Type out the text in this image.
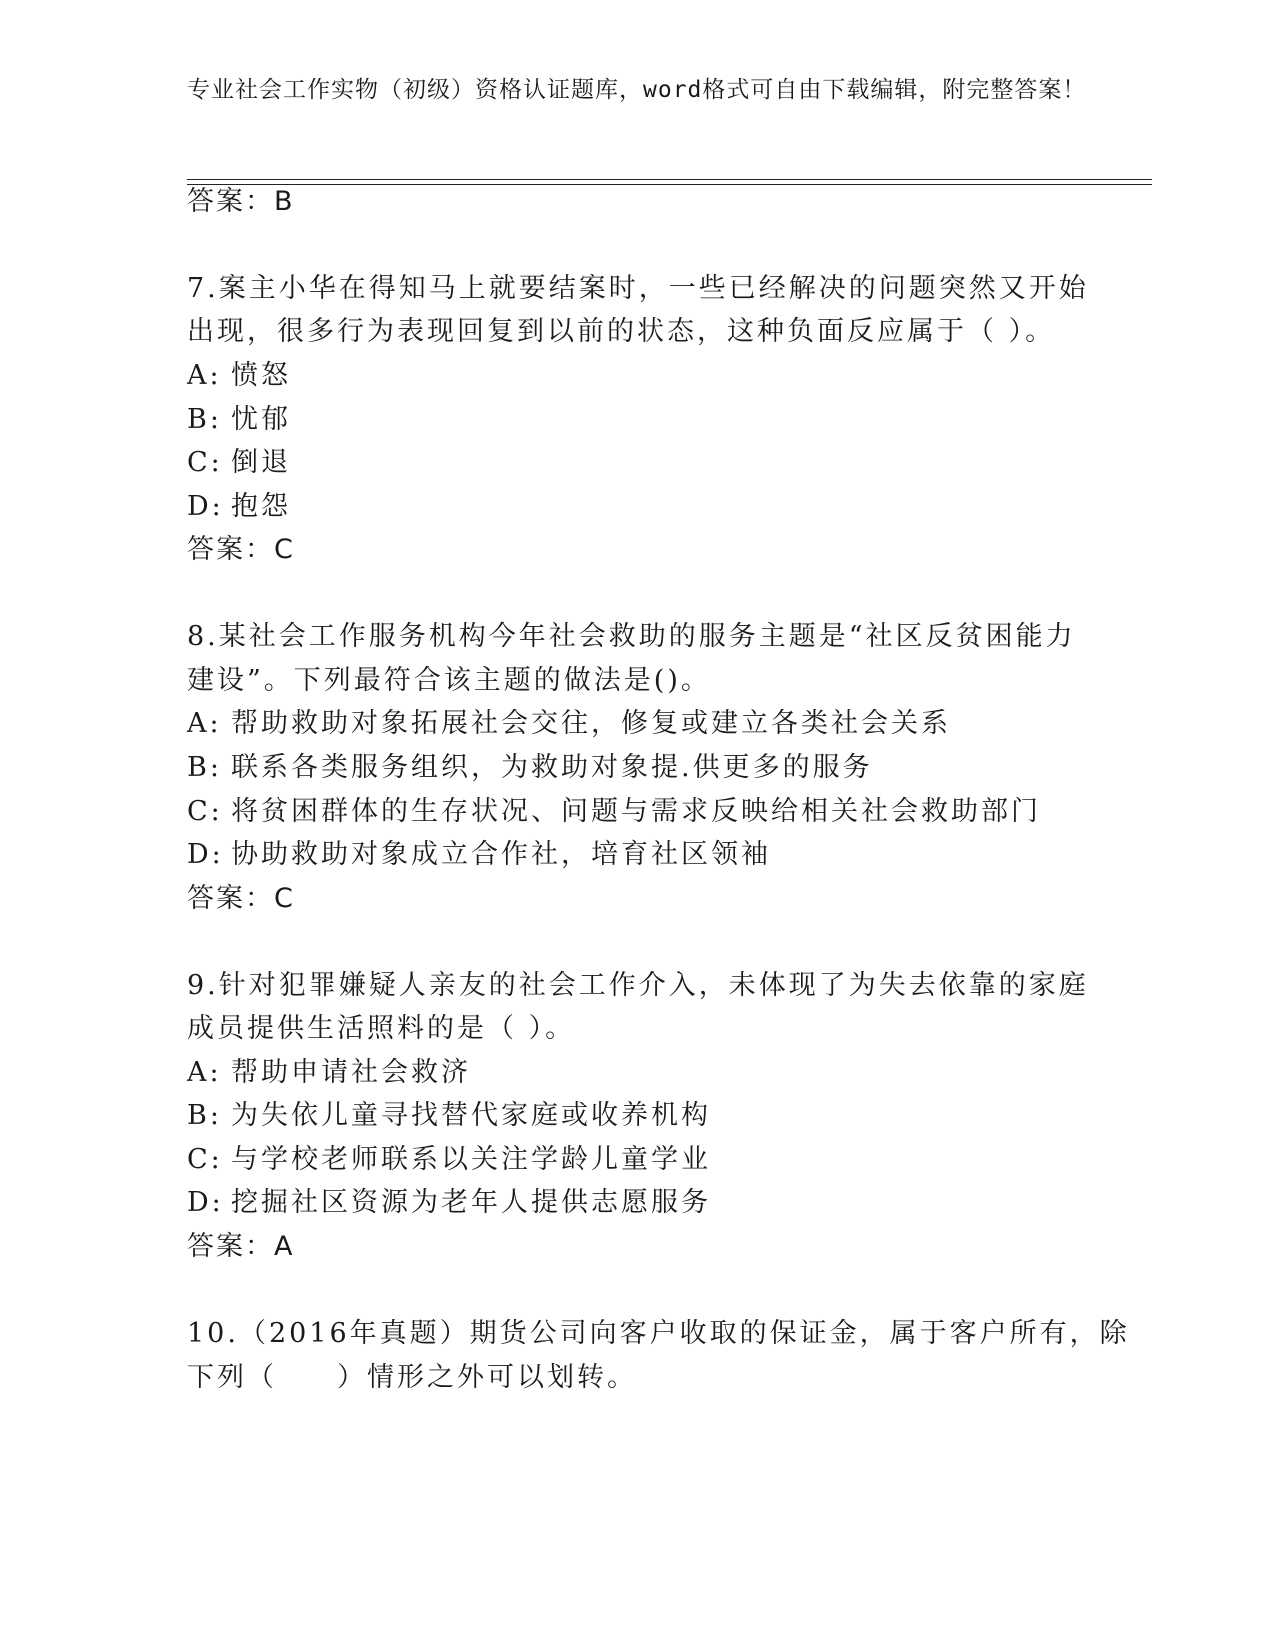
专业社会工作实物（初级）资格认证题库，word格式可自由下载编辑，附完整答案！
答案：B
7.案主小华在得知马上就要结案时，一些已经解决的问题突然又开始
出现，很多行为表现回复到以前的状态，这种负面反应属于（ ）。
A: 愤怒
B: 忧郁
C: 倒退
D: 抱怨
答案：C
8.某社会工作服务机构今年社会救助的服务主题是“社区反贫困能力
建设”。下列最符合该主题的做法是()。
A: 帮助救助对象拓展社会交往，修复或建立各类社会关系
B: 联系各类服务组织，为救助对象提.供更多的服务
C: 将贫困群体的生存状况、问题与需求反映给相关社会救助部门
D: 协助救助对象成立合作社，培育社区领袖
答案：C
9.针对犯罪嫌疑人亲友的社会工作介入，未体现了为失去依靠的家庭
成员提供生活照料的是（ ）。
A: 帮助申请社会救济
B: 为失依儿童寻找替代家庭或收养机构
C: 与学校老师联系以关注学龄儿童学业
D: 挖掘社区资源为老年人提供志愿服务
答案：A
10.（2016年真题）期货公司向客户收取的保证金，属于客户所有，除
下列（　　）情形之外可以划转。
